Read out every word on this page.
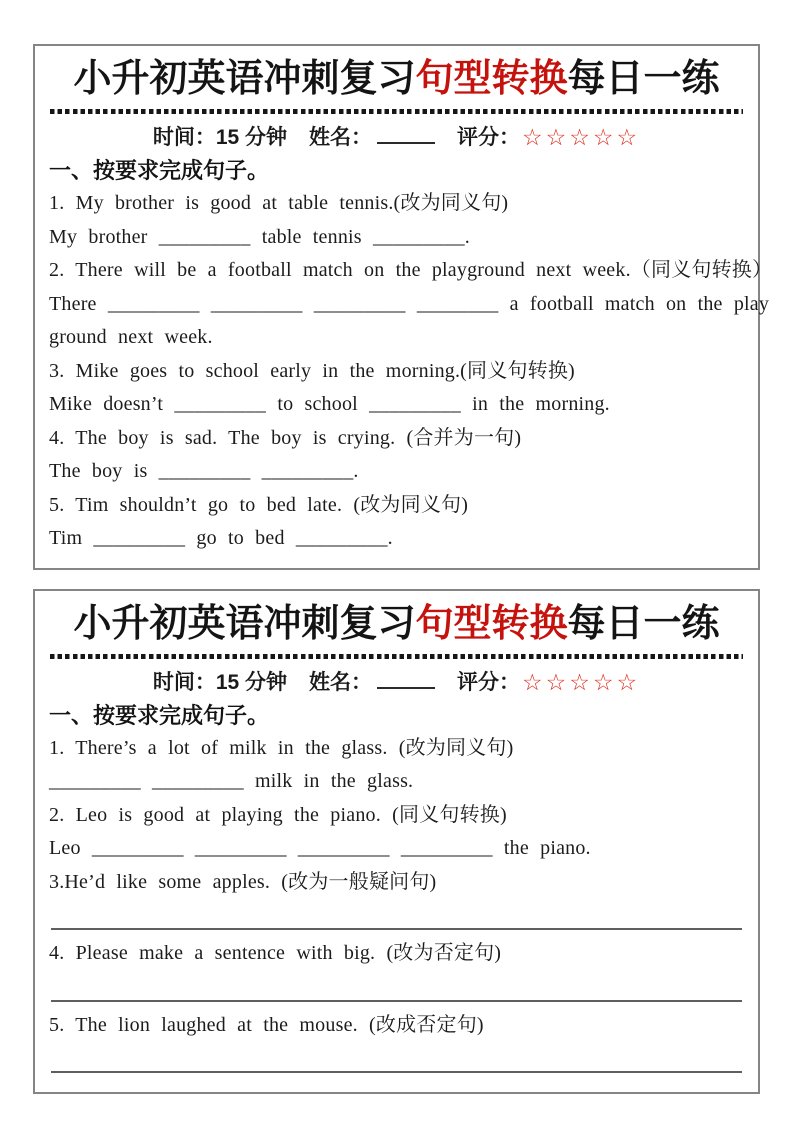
小升初英语冲刺复习句型转换每日一练
时间：15 分钟 姓名：	评分：☆☆☆☆☆
一、按要求完成句子。
1. My brother is good at table tennis.(改为同义句)
My brother _________ table tennis _________.
2. There will be a football match on the playground next week.（同义句转换）
There _________ _________ _________ ________ a football match on the play
ground next week.
3. Mike goes to school early in the morning.(同义句转换)
Mike doesn’t _________ to school _________ in the morning.
4. The boy is sad. The boy is crying. (合并为一句)
The boy is _________ _________.
5. Tim shouldn’t go to bed late. (改为同义句)
Tim _________ go to bed _________.
小升初英语冲刺复习句型转换每日一练
时间：15 分钟 姓名：	评分：☆☆☆☆☆
一、按要求完成句子。
1. There’s a lot of milk in the glass. (改为同义句)
_________ _________ milk in the glass.
2. Leo is good at playing the piano. (同义句转换)
Leo _________ _________ _________ _________ the piano.
3.He’d like some apples. (改为一般疑问句)
4. Please make a sentence with big. (改为否定句)
5. The lion laughed at the mouse. (改成否定句)
